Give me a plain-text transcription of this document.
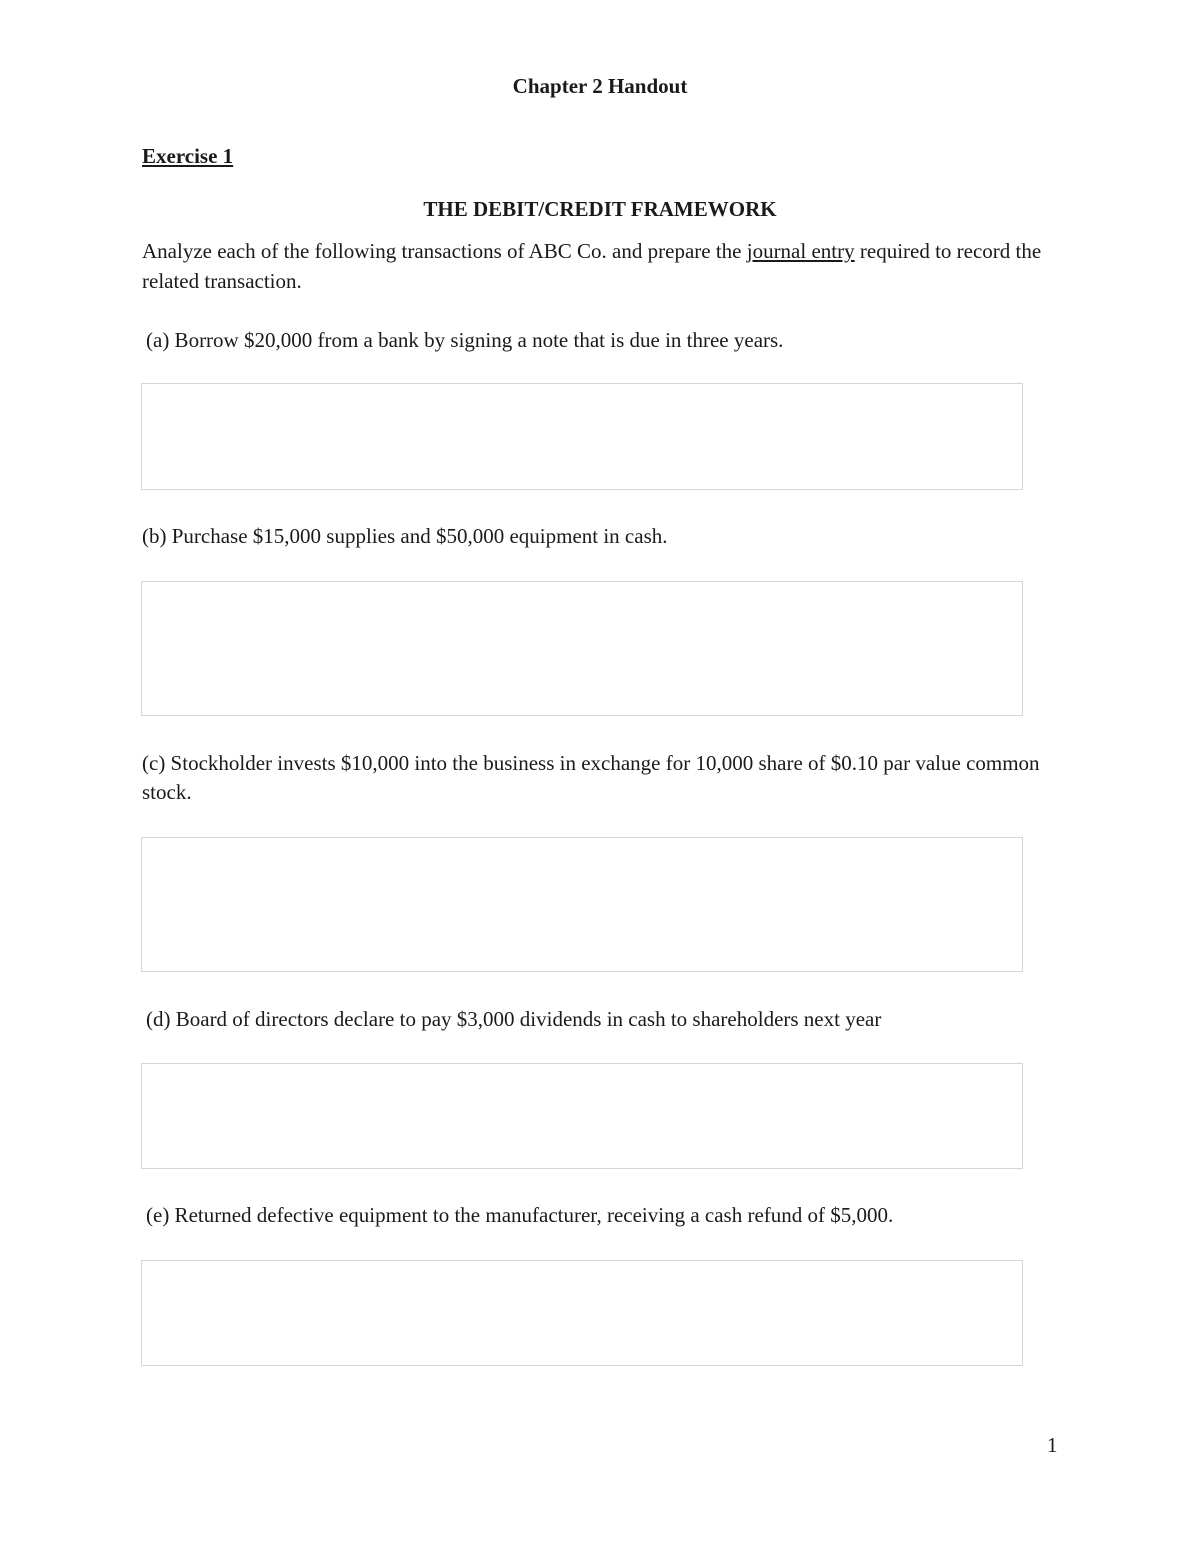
Chapter 2 Handout
Exercise 1
THE DEBIT/CREDIT FRAMEWORK

Analyze each of the following transactions of ABC Co. and prepare the journal entry required to record the related transaction.

(a) Borrow $20,000 from a bank by signing a note that is due in three years.

(b) Purchase $15,000 supplies and $50,000 equipment in cash.

(c) Stockholder invests $10,000 into the business in exchange for 10,000 share of $0.10 par value common stock.

(d) Board of directors declare to pay $3,000 dividends in cash to shareholders next year

(e) Returned defective equipment to the manufacturer, receiving a cash refund of $5,000.

1
